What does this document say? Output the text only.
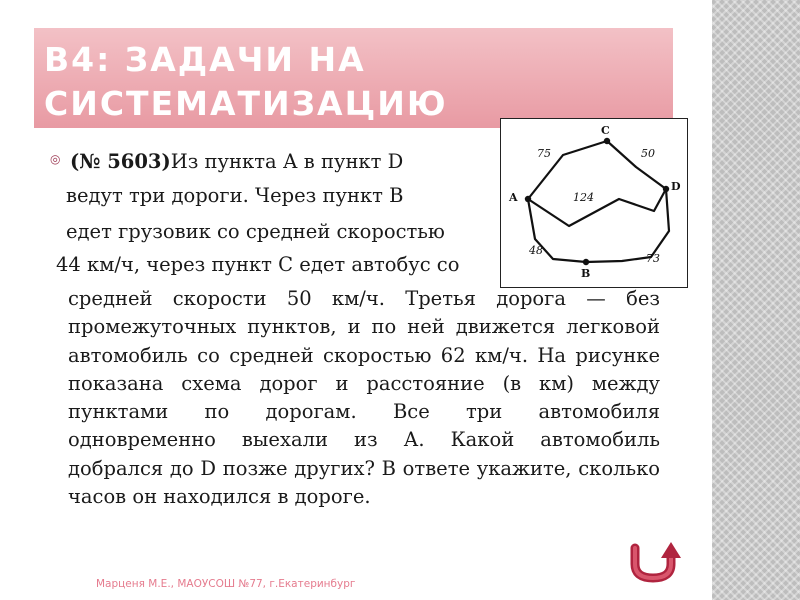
В4: ЗАДАЧИ НА
СИСТЕМАТИЗАЦИЮ
◎ (№ 5603)Из пункта А в пункт D
ведут три дороги. Через пункт В
едет грузовик со средней скоростью
44 км/ч, через пункт С едет автобус со
A
C
D
B
75	50
124
48
73
средней скорости 50 км/ч. Третья дорога — без промежуточных пунктов, и по ней движется легковой автомобиль со средней скоростью 62 км/ч. На рисунке показана схема дорог и расстояние (в км) между пунктами по дорогам. Все три автомобиля одновременно выехали из А. Какой автомобиль добрался до D позже других? В ответе укажите, сколько часов он находился в дороге.
Марценя М.Е., МАОУСОШ №77, г.Екатеринбург
